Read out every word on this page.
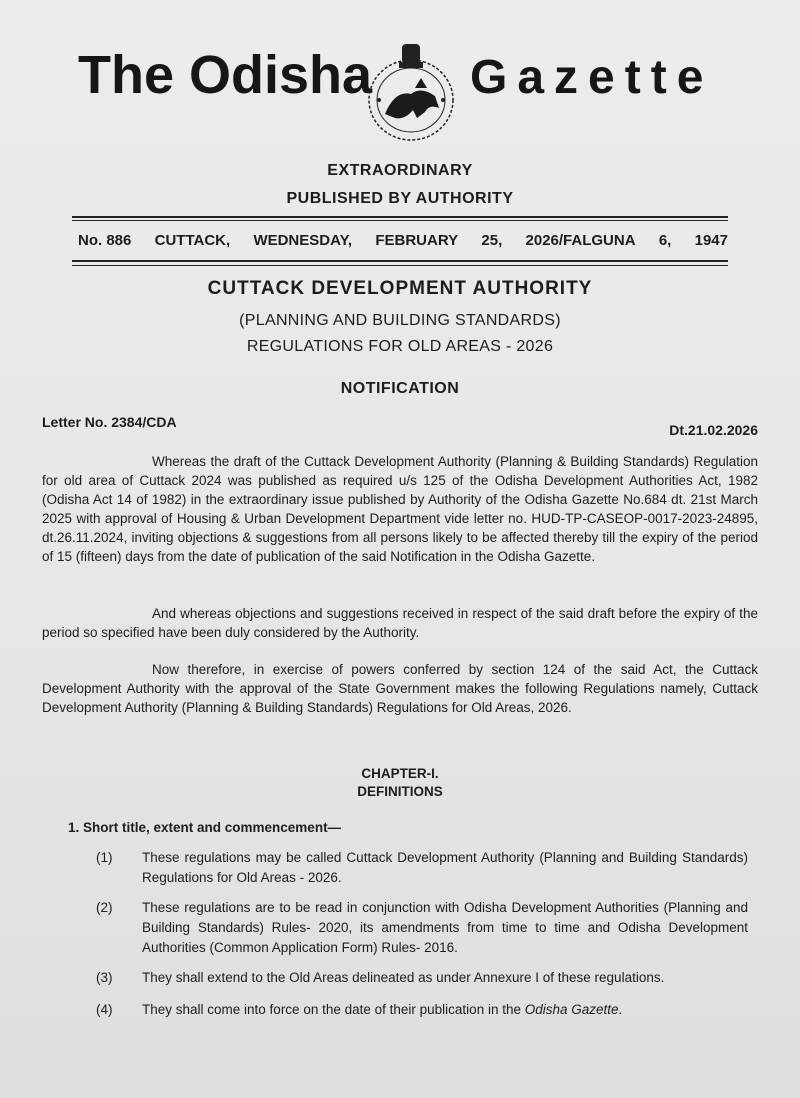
The Odisha Gazette
EXTRAORDINARY
PUBLISHED BY AUTHORITY
No. 886 CUTTACK, WEDNESDAY, FEBRUARY 25, 2026/FALGUNA 6, 1947
CUTTACK DEVELOPMENT AUTHORITY
(PLANNING AND BUILDING STANDARDS)
REGULATIONS FOR OLD AREAS - 2026
NOTIFICATION
Letter No. 2384/CDA	Dt.21.02.2026
Whereas the draft of the Cuttack Development Authority (Planning & Building Standards) Regulation for old area of Cuttack 2024 was published as required u/s 125 of the Odisha Development Authorities Act, 1982 (Odisha Act 14 of 1982) in the extraordinary issue published by Authority of the Odisha Gazette No.684 dt. 21st March 2025 with approval of Housing & Urban Development Department vide letter no. HUD-TP-CASEOP-0017-2023-24895, dt.26.11.2024, inviting objections & suggestions from all persons likely to be affected thereby till the expiry of the period of 15 (fifteen) days from the date of publication of the said Notification in the Odisha Gazette.
And whereas objections and suggestions received in respect of the said draft before the expiry of the period so specified have been duly considered by the Authority.
Now therefore, in exercise of powers conferred by section 124 of the said Act, the Cuttack Development Authority with the approval of the State Government makes the following Regulations namely, Cuttack Development Authority (Planning & Building Standards) Regulations for Old Areas, 2026.
CHAPTER-I.
DEFINITIONS
1. Short title, extent and commencement—
(1)	These regulations may be called Cuttack Development Authority (Planning and Building Standards) Regulations for Old Areas - 2026.
(2)	These regulations are to be read in conjunction with Odisha Development Authorities (Planning and Building Standards) Rules- 2020, its amendments from time to time and Odisha Development Authorities (Common Application Form) Rules- 2016.
(3)	They shall extend to the Old Areas delineated as under Annexure I of these regulations.
(4)	They shall come into force on the date of their publication in the Odisha Gazette.
